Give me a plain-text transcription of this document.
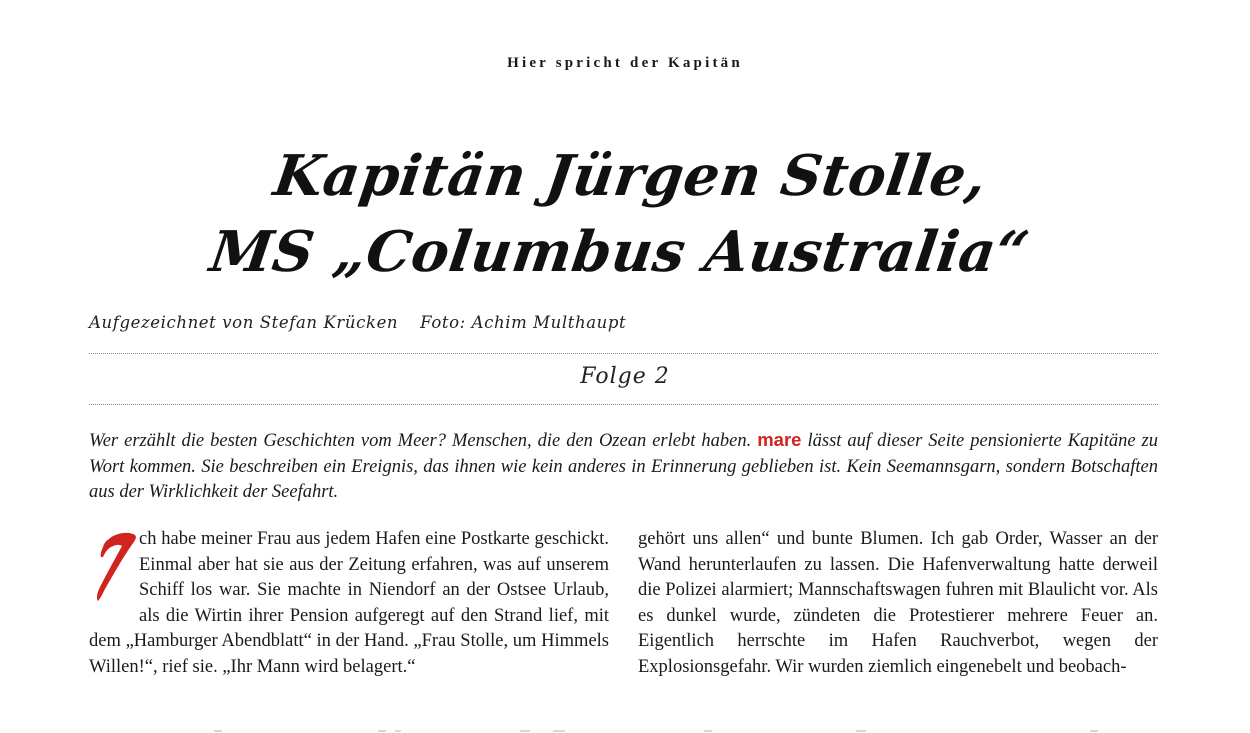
Hier spricht der Kapitän
Kapitän Jürgen Stolle,
MS „Columbus Australia“
Aufgezeichnet von Stefan Krücken Foto: Achim Multhaupt
Folge 2
Wer erzählt die besten Geschichten vom Meer? Menschen, die den Ozean erlebt haben. mare lässt auf dieser Seite pensionierte Kapitäne zu Wort kommen. Sie beschreiben ein Ereignis, das ihnen wie kein anderes in Erinnerung geblieben ist. Kein Seemannsgarn, sondern Botschaften aus der Wirklichkeit der Seefahrt.

ch habe meiner Frau aus jedem Hafen eine Postkarte geschickt. Einmal aber hat sie aus der Zeitung erfahren, was auf unserem Schiff los war. Sie machte in Niendorf an der Ostsee Urlaub, als die Wirtin ihrer Pension aufgeregt auf den Strand lief, mit dem „Hamburger Abendblatt“ in der Hand. „Frau Stolle, um Himmels Willen!“, rief sie. „Ihr Mann wird belagert.“

gehört uns allen“ und bunte Blumen. Ich gab Order, Wasser an der Wand herunterlaufen zu lassen. Die Hafenverwaltung hatte derweil die Polizei alarmiert; Mannschaftswagen fuhren mit Blaulicht vor. Als es dunkel wurde, zündeten die Protestierer mehrere Feuer an. Eigentlich herrschte im Hafen Rauchverbot, wegen der Explosionsgefahr. Wir wurden ziemlich eingenebelt und beobach-
